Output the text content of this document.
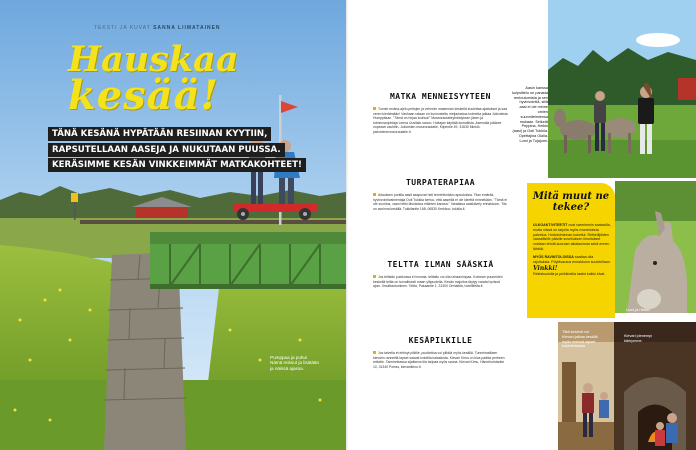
TEKSTI JA KUVAT SANNA LIIMATAINEN
Hauskaa
kesää!
TÄNÄ KESÄNÄ HYPÄTÄÄN RESIINAN KYYTIIN,
RAPSUTELLAAN AASEJA JA NUKUTAAN PUUSSA.
KERÄSIMME KESÄN VINKKEIMMÄT MATKAKOHTEET!
Pumppaa ja puhu! Nämä reissut ja lisätään ja näissä ajassa.
MATKA MENNEISYYTEEN
Tunnin resiina-ajelu peltojen ja vehreän maiseman keskellä kuulettaa ajattukset ja saa veren kiertämään! Vanhaan rataan on kunnostettu meijariastoa kolmetta jatkaa Jokioisista Humppilaan. "Tämä on hirjaa touhua!" Museorautatieyhdistyksen jäsen ja toiminnanjohtaja Leena Uusitalo sanoo. Hoitajan käyttää kumallista. Asemalla pääsee nopeasti vauhtiin. Jokioisten museorautatie, Kiipentie 49, 31630 Minkiö, jokiostenmuseorautatie.fi.
TURPATERAPIAA
Aitauksen portilla aasit saapuvat heti tervehtimään rapsutuksia. Tilan emäntä, hyvinvointivalmentaja Outi Tukkila kertoo, että aaseilla ei ole kiirettä minnekään. "Tämä ei ole suoritus, vaan hetki läsnäoloa eläinten kanssa." Varattava aasikävely ennakkoon. Tila on avoinna kesällä. Tukkilantie 168, 06530 Kerkkoo, tukkila.fi.
TELTTA ILMAN SÄÄSKIÄ
Jos telttailu puiskossa ei innosta, telttailu voi olla urbaanimpaa. Korkean puuneiden keskellä teltta on turvallisesti maan yläpuolella. Kesän majoitus täytyy varata hyvissä ajoin. Ilmoittautuminen. Teltta, Pakaantie 1, 31300 Ormattila, hotellitelta.fi.
KESÄPILKILLE
Jos talvella et ehtinyt pilkille, puuttettua voi pilkkiä myös kesällä. Tunnelmallisen kievarin ranneillä lapset saavat kokeilla kalastusta. Kievari Kimu on kiva paikka perheen retkelle. Tammeleassa sijaitseva tila tarjoaa myös sauna. Kievari Kimu, Hämehuhdantie 10, 31340 Porras, kievarikimu.fi.
Lumi ja Heikki kuumeilevat.
Tätä kesänä voi Kievari jatkaa kesällä myös meissä lapset kokeilemassa.
Kievari pienempi kärkymme.
Aasin kanssa kulpsittelu on parasta rentoutumista ja sen hyvinvointiä, sillä aasi ei ole minne omien suunnitelmiensa mukaan. Selkeät Peppina, Heikki (aasi) ja Outi Tukkila. Opettajina Olalia, Lumi ja Tujajumi.
Mitä muut ne tekee?
ULKOAKTIVITEETIT ovat varmimmin saatavilla, mutta niissä on tarjolla myös monenlaista palvelua. Hoitotoiminnan kokeilut. Retkeilijöiden vaarallisille päiville sovelluksen ilmoitukset voidaan tehdä suoraan aikataulusta sekä ennen lähtöä.
MYÖS RAVINTOLOISSA saattaa olla rajoituksia. Pöytävaraus ennakkoon suositellaan.
Vinkki!
Reklakuolulla ja peikkirailla taatut kaikki kivat.
